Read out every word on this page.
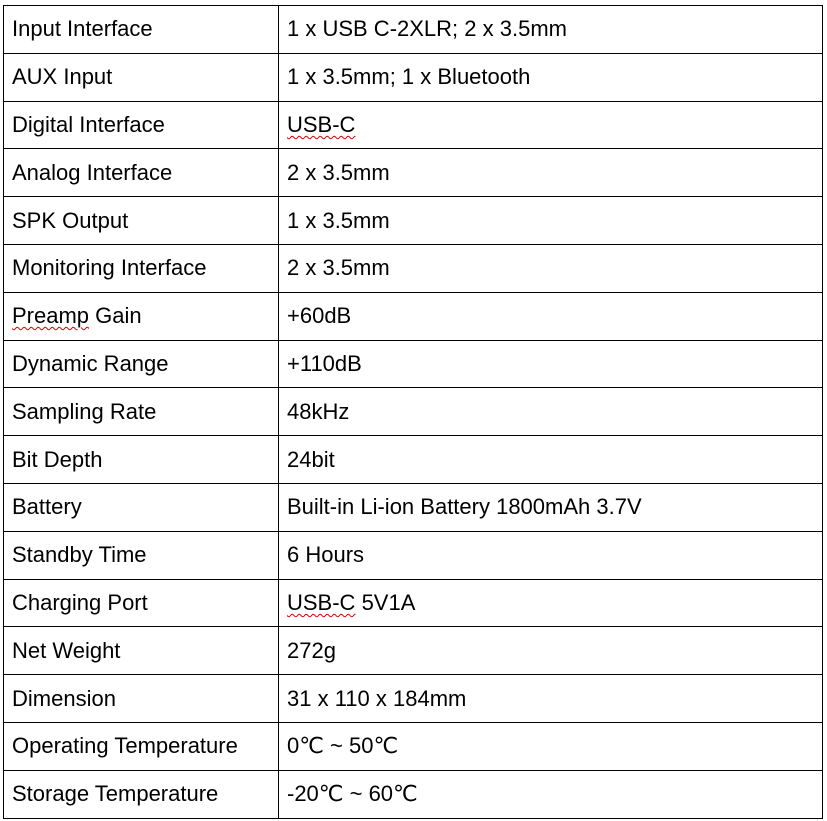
Input Interface	1 x USB C-2XLR; 2 x 3.5mm
AUX Input	1 x 3.5mm; 1 x Bluetooth
Digital Interface	USB-C
Analog Interface	2 x 3.5mm
SPK Output	1 x 3.5mm
Monitoring Interface	2 x 3.5mm
Preamp Gain	+60dB
Dynamic Range	+110dB
Sampling Rate	48kHz
Bit Depth	24bit
Battery	Built-in Li-ion Battery 1800mAh 3.7V
Standby Time	6 Hours
Charging Port	USB-C 5V1A
Net Weight	272g
Dimension	31 x 110 x 184mm
Operating Temperature	0℃ ~ 50℃
Storage Temperature	-20℃ ~ 60℃
